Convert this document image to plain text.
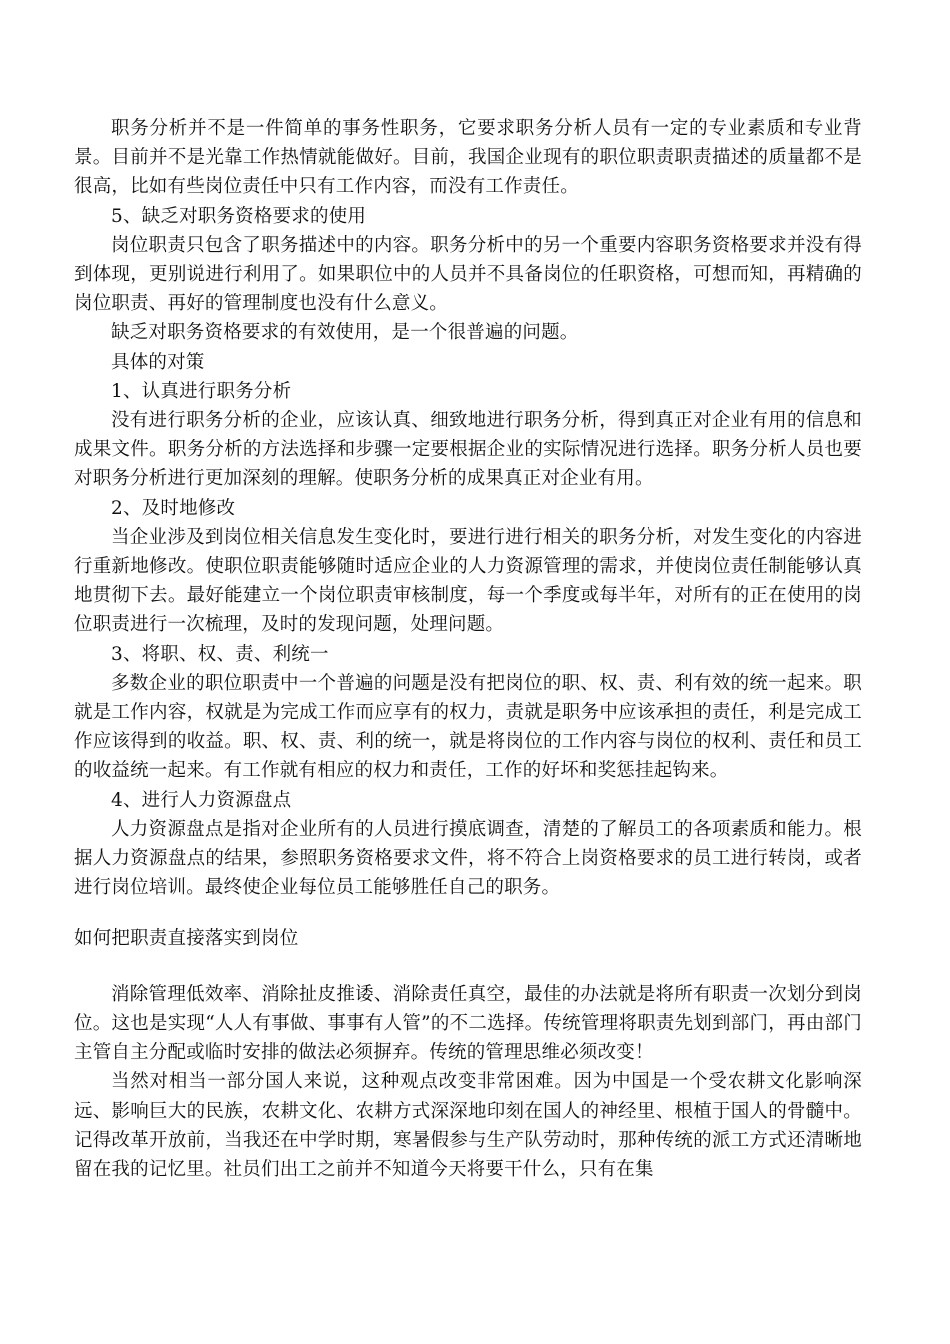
职务分析并不是一件简单的事务性职务，它要求职务分析人员有一定的专业素质和专业背景。目前并不是光靠工作热情就能做好。目前，我国企业现有的职位职责职责描述的质量都不是很高，比如有些岗位责任中只有工作内容，而没有工作责任。

5、缺乏对职务资格要求的使用

岗位职责只包含了职务描述中的内容。职务分析中的另一个重要内容职务资格要求并没有得到体现，更别说进行利用了。如果职位中的人员并不具备岗位的任职资格，可想而知，再精确的岗位职责、再好的管理制度也没有什么意义。

缺乏对职务资格要求的有效使用，是一个很普遍的问题。

具体的对策

1、认真进行职务分析

没有进行职务分析的企业，应该认真、细致地进行职务分析，得到真正对企业有用的信息和成果文件。职务分析的方法选择和步骤一定要根据企业的实际情况进行选择。职务分析人员也要对职务分析进行更加深刻的理解。使职务分析的成果真正对企业有用。

2、及时地修改

当企业涉及到岗位相关信息发生变化时，要进行进行相关的职务分析，对发生变化的内容进行重新地修改。使职位职责能够随时适应企业的人力资源管理的需求，并使岗位责任制能够认真地贯彻下去。最好能建立一个岗位职责审核制度，每一个季度或每半年，对所有的正在使用的岗位职责进行一次梳理，及时的发现问题，处理问题。

3、将职、权、责、利统一

多数企业的职位职责中一个普遍的问题是没有把岗位的职、权、责、利有效的统一起来。职就是工作内容，权就是为完成工作而应享有的权力，责就是职务中应该承担的责任，利是完成工作应该得到的收益。职、权、责、利的统一，就是将岗位的工作内容与岗位的权利、责任和员工的收益统一起来。有工作就有相应的权力和责任，工作的好坏和奖惩挂起钩来。

4、进行人力资源盘点

人力资源盘点是指对企业所有的人员进行摸底调查，清楚的了解员工的各项素质和能力。根据人力资源盘点的结果，参照职务资格要求文件，将不符合上岗资格要求的员工进行转岗，或者进行岗位培训。最终使企业每位员工能够胜任自己的职务。

如何把职责直接落实到岗位

消除管理低效率、消除扯皮推诿、消除责任真空，最佳的办法就是将所有职责一次划分到岗位。这也是实现“人人有事做、事事有人管”的不二选择。传统管理将职责先划到部门，再由部门主管自主分配或临时安排的做法必须摒弃。传统的管理思维必须改变！

当然对相当一部分国人来说，这种观点改变非常困难。因为中国是一个受农耕文化影响深远、影响巨大的民族，农耕文化、农耕方式深深地印刻在国人的神经里、根植于国人的骨髓中。记得改革开放前，当我还在中学时期，寒暑假参与生产队劳动时，那种传统的派工方式还清晰地留在我的记忆里。社员们出工之前并不知道今天将要干什么，只有在集
